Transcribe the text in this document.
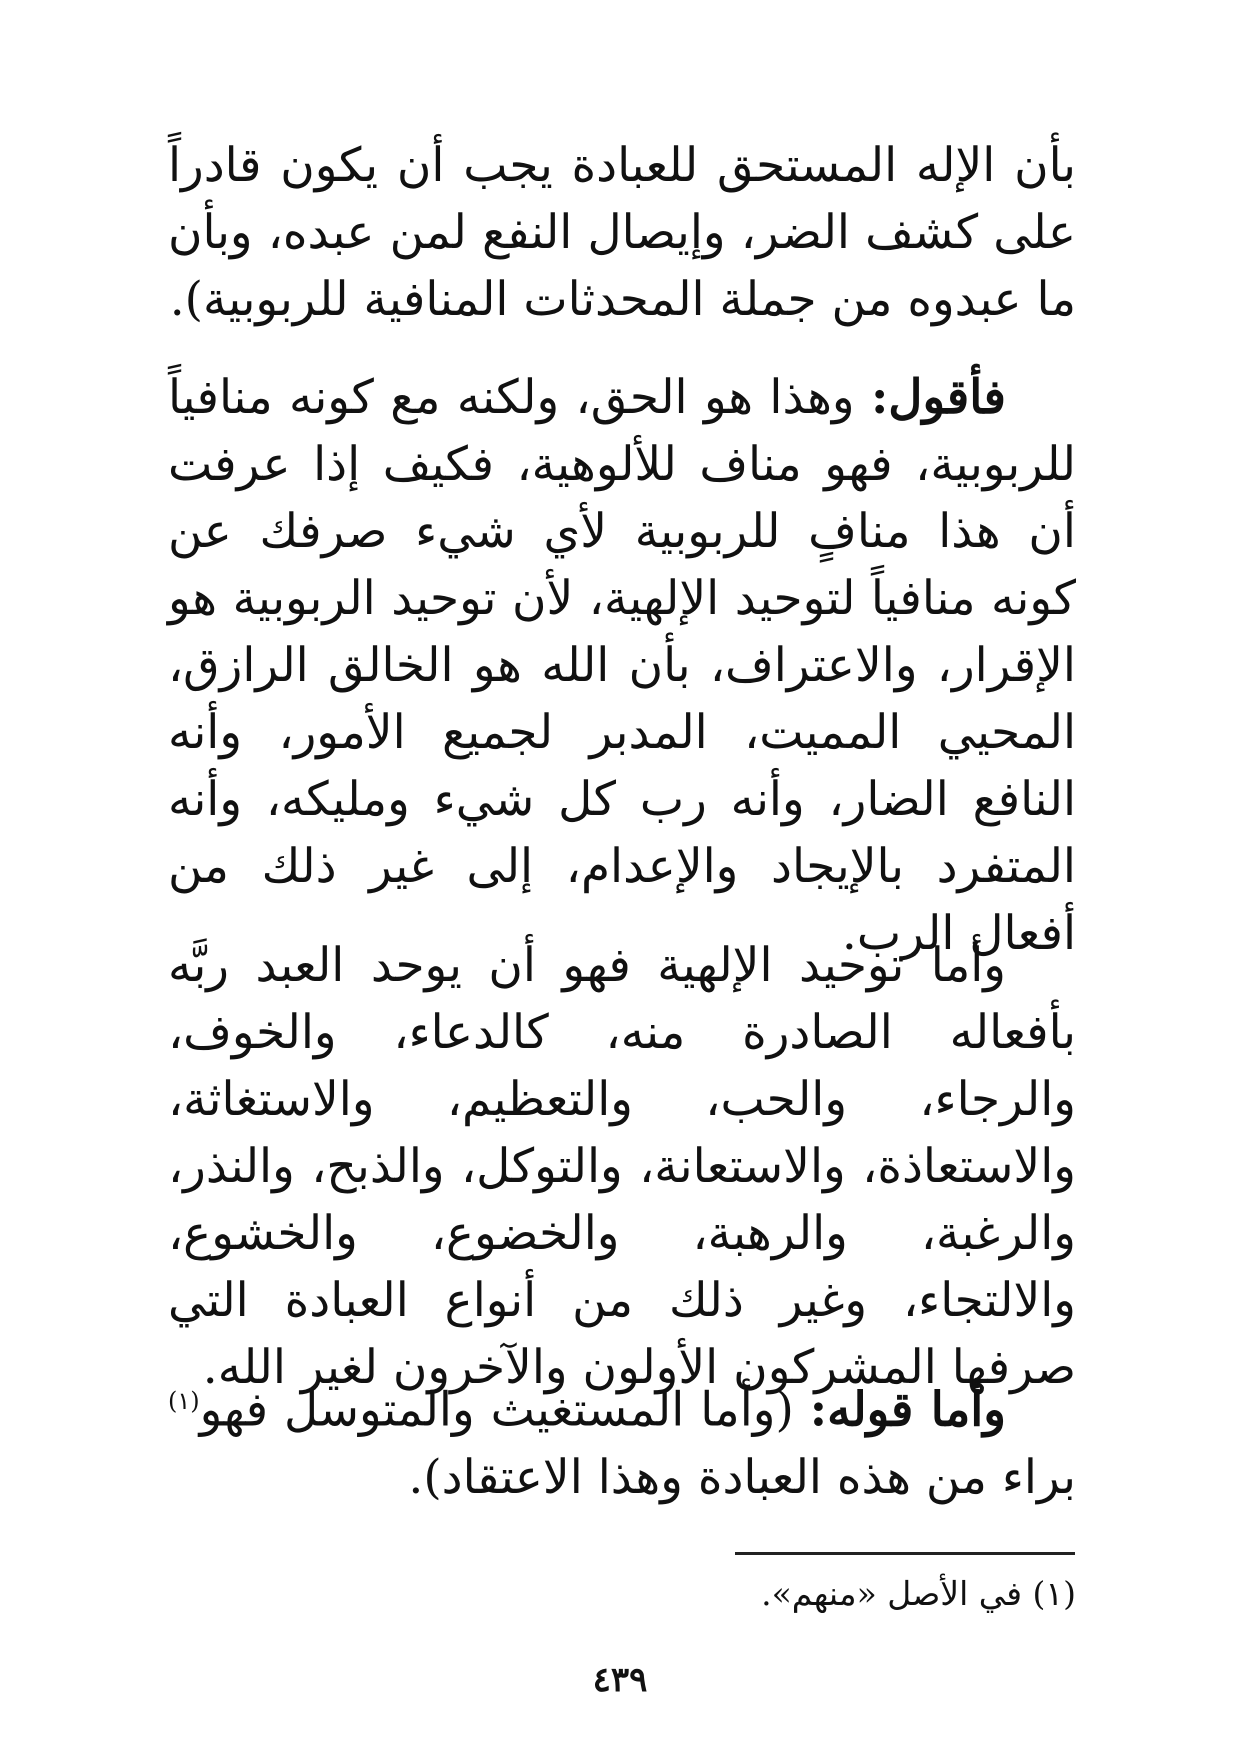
بأن الإله المستحق للعبادة يجب أن يكون قادراً على كشف الضر، وإيصال النفع لمن عبده، وبأن ما عبدوه من جملة المحدثات المنافية للربوبية).

فأقول: وهذا هو الحق، ولكنه مع كونه منافياً للربوبية، فهو مناف للألوهية، فكيف إذا عرفت أن هذا منافٍ للربوبية لأي شيء صرفك عن كونه منافياً لتوحيد الإلهية، لأن توحيد الربوبية هو الإقرار، والاعتراف، بأن الله هو الخالق الرازق، المحيي المميت، المدبر لجميع الأمور، وأنه النافع الضار، وأنه رب كل شيء ومليكه، وأنه المتفرد بالإيجاد والإعدام، إلى غير ذلك من أفعال الرب.

وأما توحيد الإلهية فهو أن يوحد العبد ربَّه بأفعاله الصادرة منه، كالدعاء، والخوف، والرجاء، والحب، والتعظيم، والاستغاثة، والاستعاذة، والاستعانة، والتوكل، والذبح، والنذر، والرغبة، والرهبة، والخضوع، والخشوع، والالتجاء، وغير ذلك من أنواع العبادة التي صرفها المشركون الأولون والآخرون لغير الله.

وأما قوله: (وأما المستغيث والمتوسل فهو$^{(١)}$ براء من هذه العبادة وهذا الاعتقاد).

(١) في الأصل «منهم».
٤٣٩
